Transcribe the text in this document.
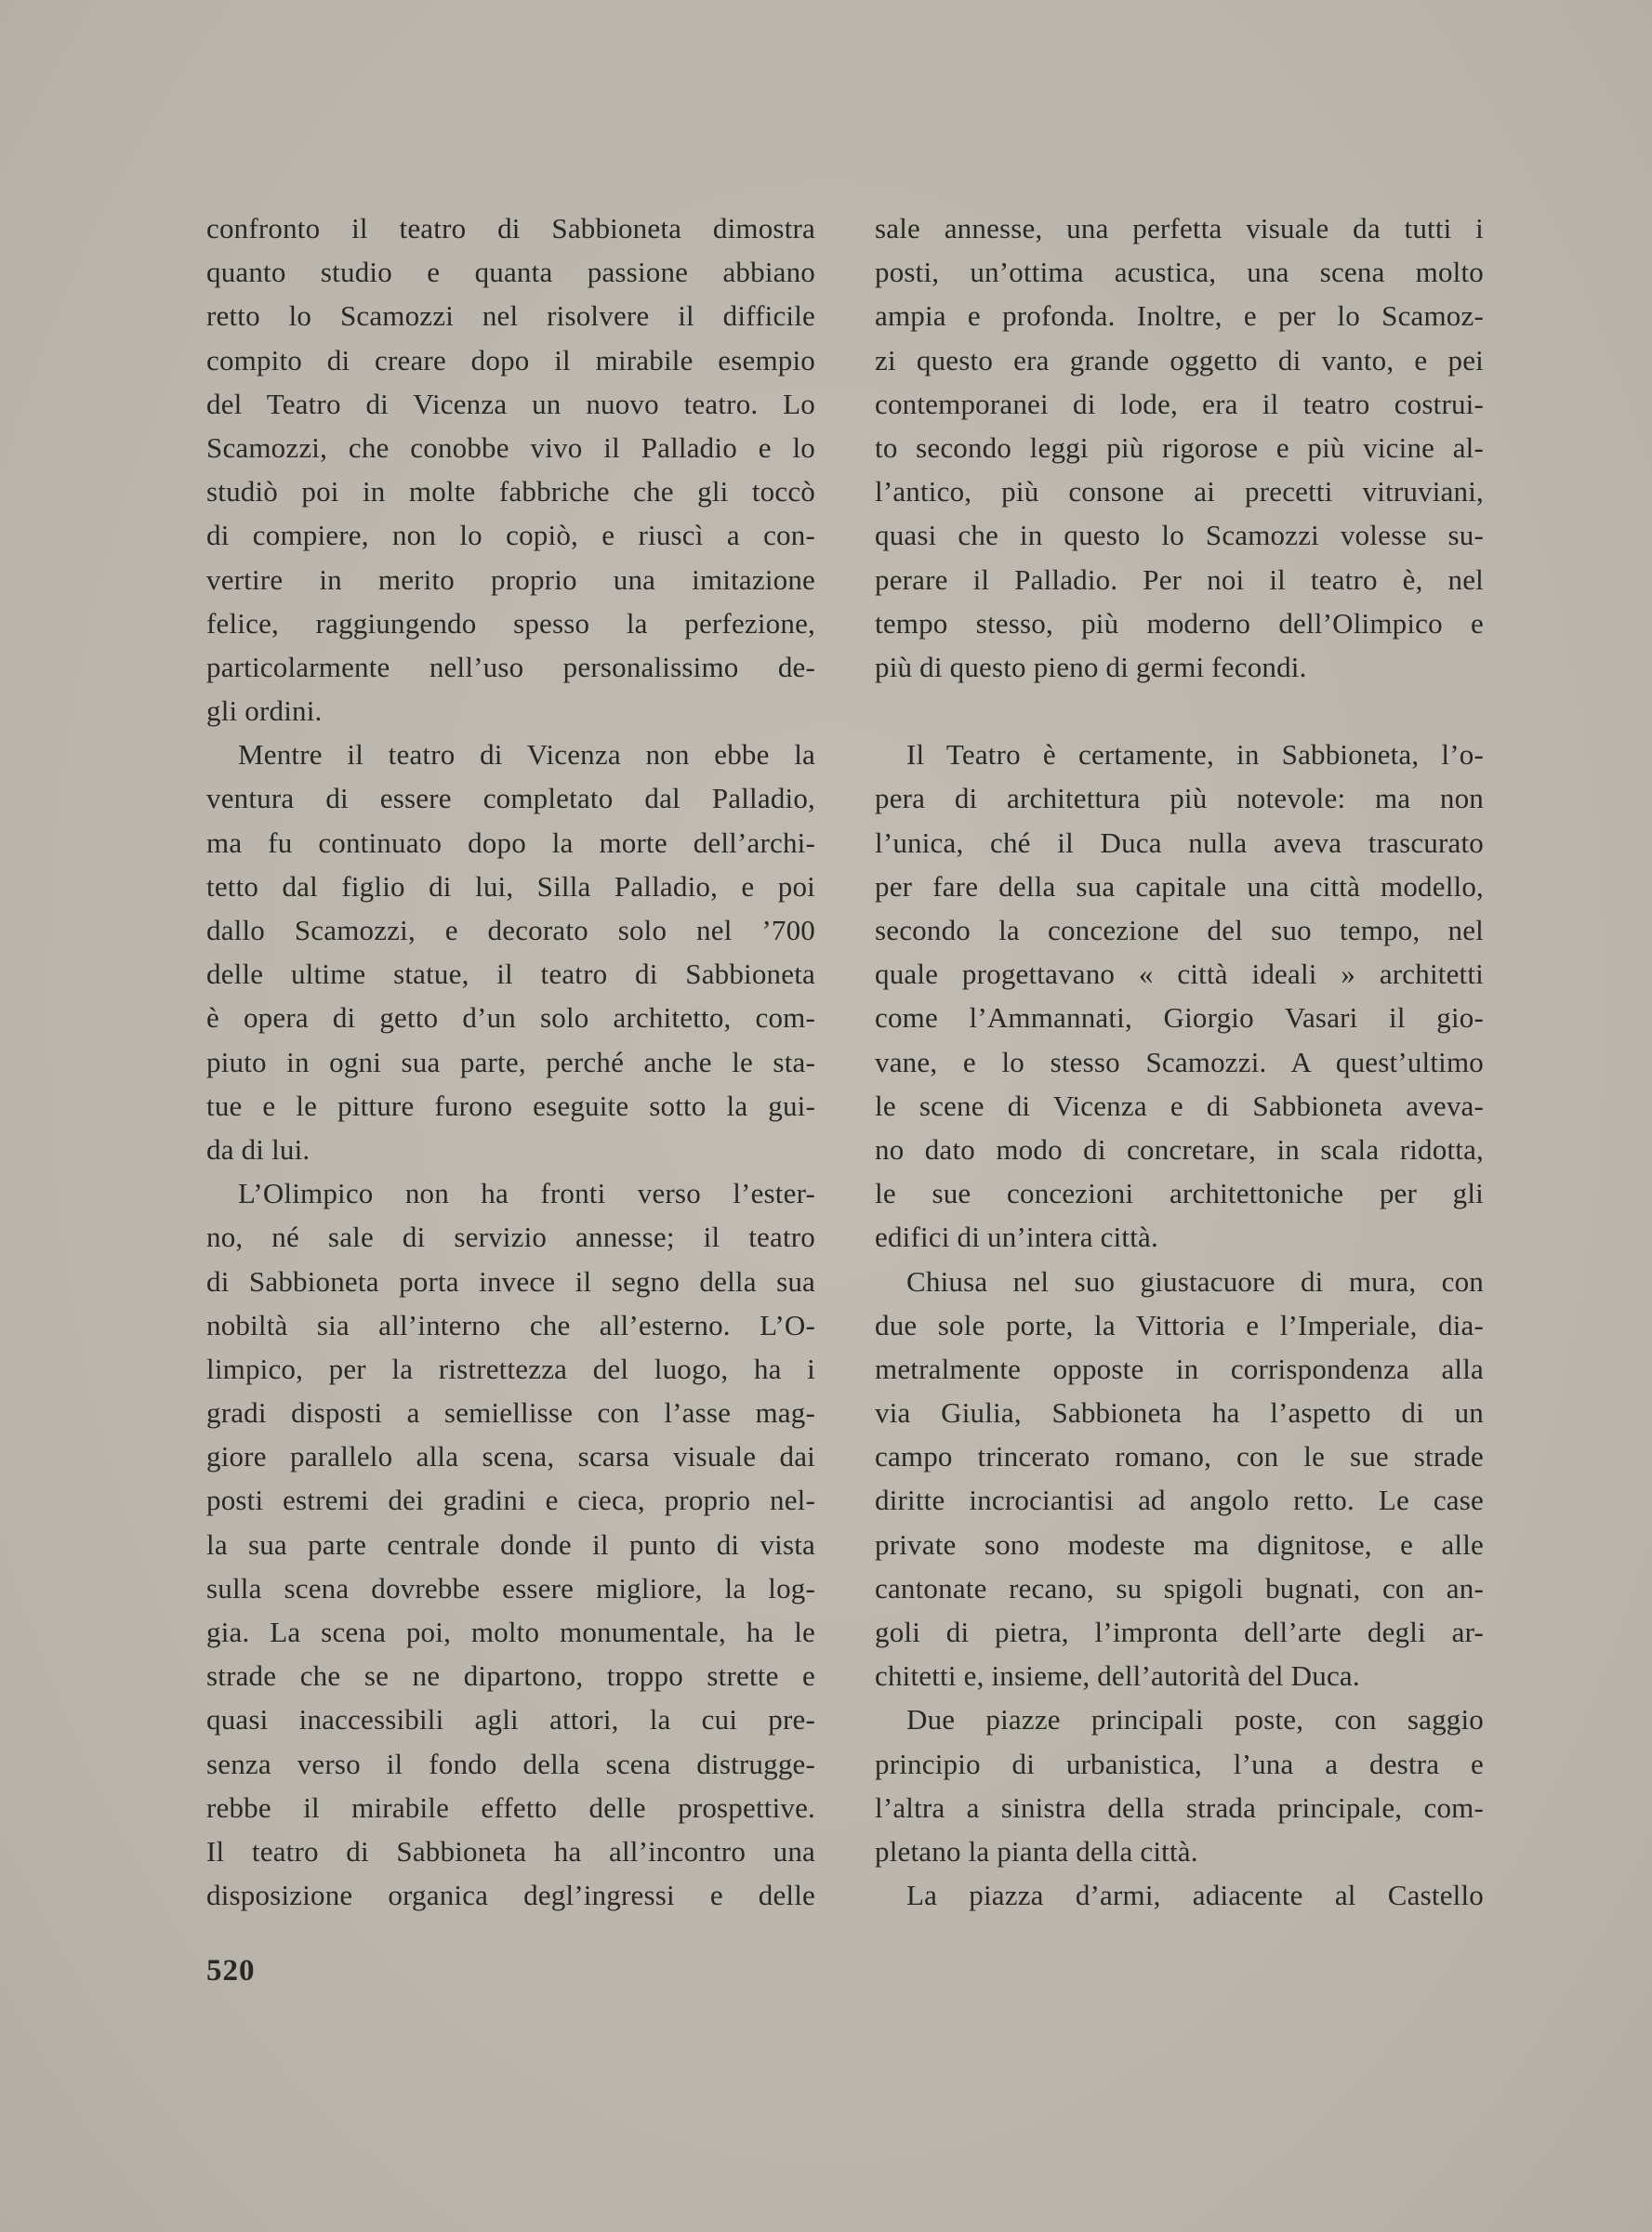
confronto il teatro di Sabbioneta dimostra
quanto studio e quanta passione abbiano
retto lo Scamozzi nel risolvere il difficile
compito di creare dopo il mirabile esempio
del Teatro di Vicenza un nuovo teatro. Lo
Scamozzi, che conobbe vivo il Palladio e lo
studiò poi in molte fabbriche che gli toccò
di compiere, non lo copiò, e riuscì a con-
vertire in merito proprio una imitazione
felice, raggiungendo spesso la perfezione,
particolarmente nell’uso personalissimo de-
gli ordini.
Mentre il teatro di Vicenza non ebbe la
ventura di essere completato dal Palladio,
ma fu continuato dopo la morte dell’archi-
tetto dal figlio di lui, Silla Palladio, e poi
dallo Scamozzi, e decorato solo nel ’700
delle ultime statue, il teatro di Sabbioneta
è opera di getto d’un solo architetto, com-
piuto in ogni sua parte, perché anche le sta-
tue e le pitture furono eseguite sotto la gui-
da di lui.
L’Olimpico non ha fronti verso l’ester-
no, né sale di servizio annesse; il teatro
di Sabbioneta porta invece il segno della sua
nobiltà sia all’interno che all’esterno. L’O-
limpico, per la ristrettezza del luogo, ha i
gradi disposti a semiellisse con l’asse mag-
giore parallelo alla scena, scarsa visuale dai
posti estremi dei gradini e cieca, proprio nel-
la sua parte centrale donde il punto di vista
sulla scena dovrebbe essere migliore, la log-
gia. La scena poi, molto monumentale, ha le
strade che se ne dipartono, troppo strette e
quasi inaccessibili agli attori, la cui pre-
senza verso il fondo della scena distrugge-
rebbe il mirabile effetto delle prospettive.
Il teatro di Sabbioneta ha all’incontro una
disposizione organica degl’ingressi e delle
sale annesse, una perfetta visuale da tutti i
posti, un’ottima acustica, una scena molto
ampia e profonda. Inoltre, e per lo Scamoz-
zi questo era grande oggetto di vanto, e pei
contemporanei di lode, era il teatro costrui-
to secondo leggi più rigorose e più vicine al-
l’antico, più consone ai precetti vitruviani,
quasi che in questo lo Scamozzi volesse su-
perare il Palladio. Per noi il teatro è, nel
tempo stesso, più moderno dell’Olimpico e
più di questo pieno di germi fecondi.
Il Teatro è certamente, in Sabbioneta, l’o-
pera di architettura più notevole: ma non
l’unica, ché il Duca nulla aveva trascurato
per fare della sua capitale una città modello,
secondo la concezione del suo tempo, nel
quale progettavano « città ideali » architetti
come l’Ammannati, Giorgio Vasari il gio-
vane, e lo stesso Scamozzi. A quest’ultimo
le scene di Vicenza e di Sabbioneta aveva-
no dato modo di concretare, in scala ridotta,
le sue concezioni architettoniche per gli
edifici di un’intera città.
Chiusa nel suo giustacuore di mura, con
due sole porte, la Vittoria e l’Imperiale, dia-
metralmente opposte in corrispondenza alla
via Giulia, Sabbioneta ha l’aspetto di un
campo trincerato romano, con le sue strade
diritte incrociantisi ad angolo retto. Le case
private sono modeste ma dignitose, e alle
cantonate recano, su spigoli bugnati, con an-
goli di pietra, l’impronta dell’arte degli ar-
chitetti e, insieme, dell’autorità del Duca.
Due piazze principali poste, con saggio
principio di urbanistica, l’una a destra e
l’altra a sinistra della strada principale, com-
pletano la pianta della città.
La piazza d’armi, adiacente al Castello
520
